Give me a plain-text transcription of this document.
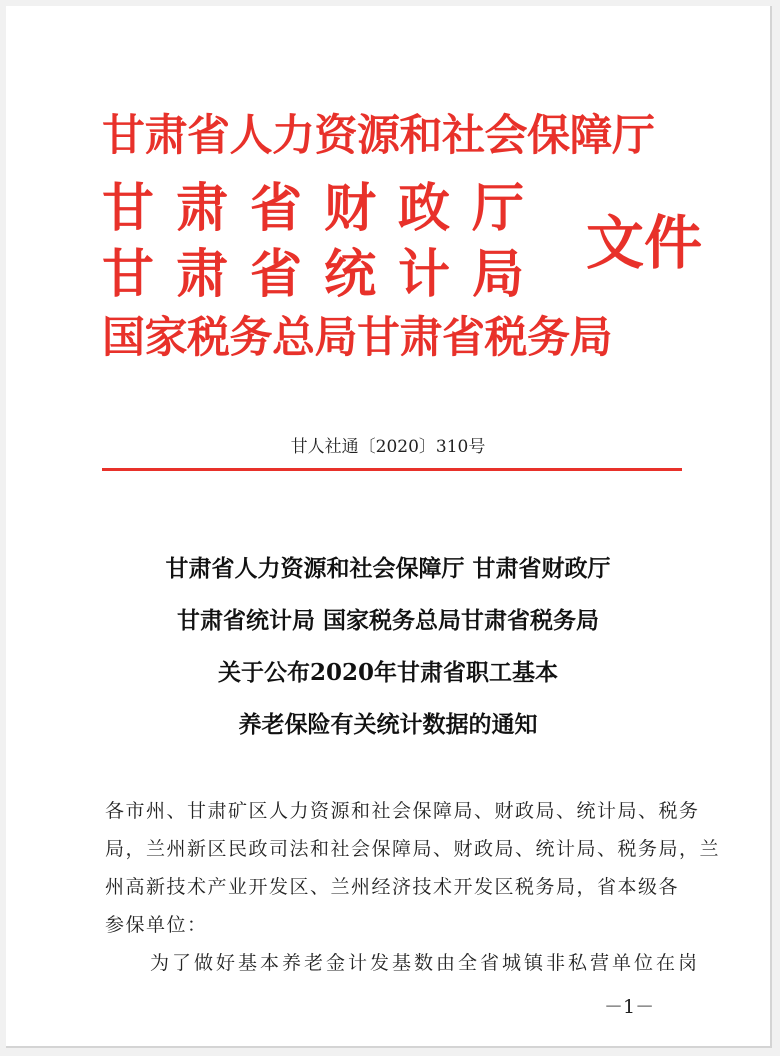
甘肃省人力资源和社会保障厅
甘肃省财政厅
甘肃省统计局
国家税务总局甘肃省税务局
文件
甘人社通〔2020〕310号
甘肃省人力资源和社会保障厅 甘肃省财政厅
甘肃省统计局 国家税务总局甘肃省税务局
关于公布2020年甘肃省职工基本
养老保险有关统计数据的通知
各市州、甘肃矿区人力资源和社会保障局、财政局、统计局、税务
局，兰州新区民政司法和社会保障局、财政局、统计局、税务局，兰
州高新技术产业开发区、兰州经济技术开发区税务局，省本级各
参保单位：
为了做好基本养老金计发基数由全省城镇非私营单位在岗
－1－
